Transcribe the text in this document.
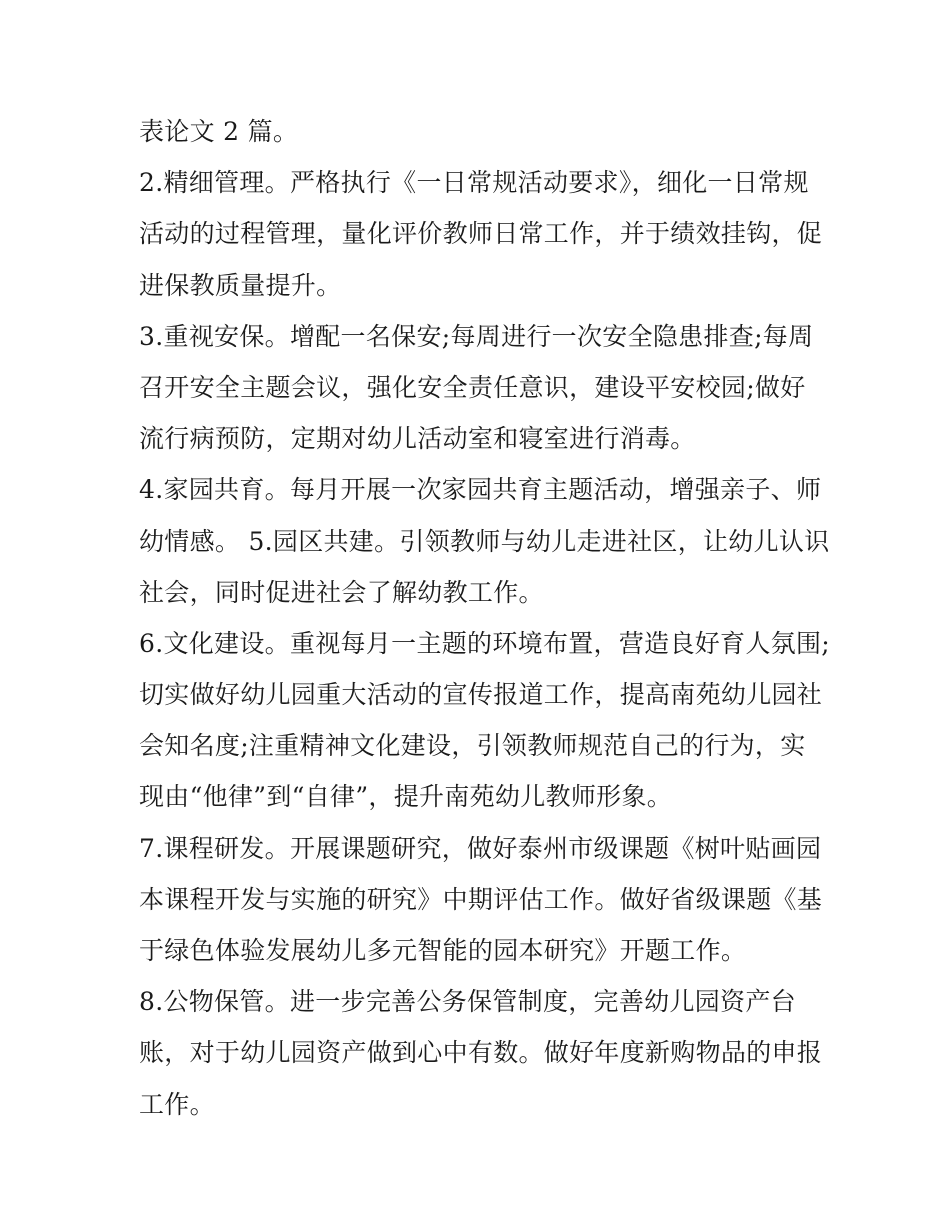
表论文 2 篇。
2.精细管理。严格执行《一日常规活动要求》，细化一日常规
活动的过程管理，量化评价教师日常工作，并于绩效挂钩，促
进保教质量提升。
3.重视安保。增配一名保安;每周进行一次安全隐患排查;每周
召开安全主题会议，强化安全责任意识，建设平安校园;做好
流行病预防，定期对幼儿活动室和寝室进行消毒。
4.家园共育。每月开展一次家园共育主题活动，增强亲子、师
幼情感。 5.园区共建。引领教师与幼儿走进社区，让幼儿认识
社会，同时促进社会了解幼教工作。
6.文化建设。重视每月一主题的环境布置，营造良好育人氛围;
切实做好幼儿园重大活动的宣传报道工作，提高南苑幼儿园社
会知名度;注重精神文化建设，引领教师规范自己的行为，实
现由“他律”到“自律”，提升南苑幼儿教师形象。
7.课程研发。开展课题研究，做好泰州市级课题《树叶贴画园
本课程开发与实施的研究》中期评估工作。做好省级课题《基
于绿色体验发展幼儿多元智能的园本研究》开题工作。
8.公物保管。进一步完善公务保管制度，完善幼儿园资产台
账，对于幼儿园资产做到心中有数。做好年度新购物品的申报
工作。
